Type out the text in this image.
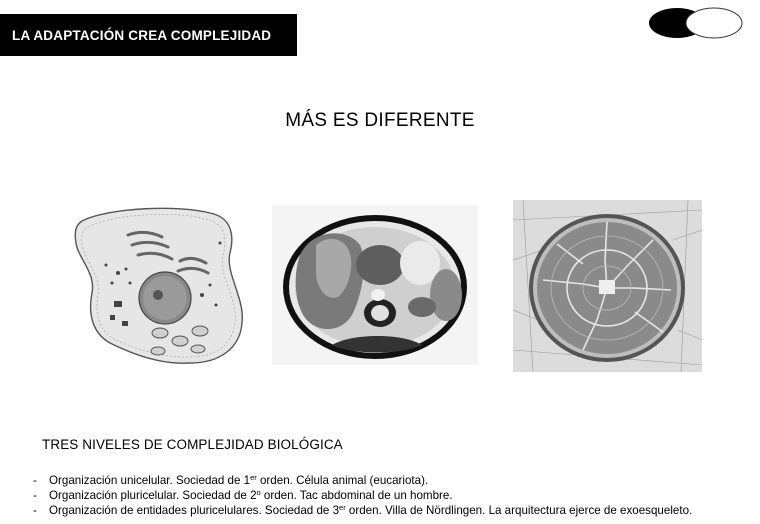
LA ADAPTACIÓN CREA COMPLEJIDAD
MÁS ES DIFERENTE
TRES NIVELES DE COMPLEJIDAD BIOLÓGICA
- Organización unicelular. Sociedad de 1er orden. Célula animal (eucariota).
- Organización pluricelular. Sociedad de 2$^o$ orden. Tac abdominal de un hombre.
- Organización de entidades pluricelulares. Sociedad de 3er orden. Villa de Nördlingen. La arquitectura ejerce de exoesqueleto.
